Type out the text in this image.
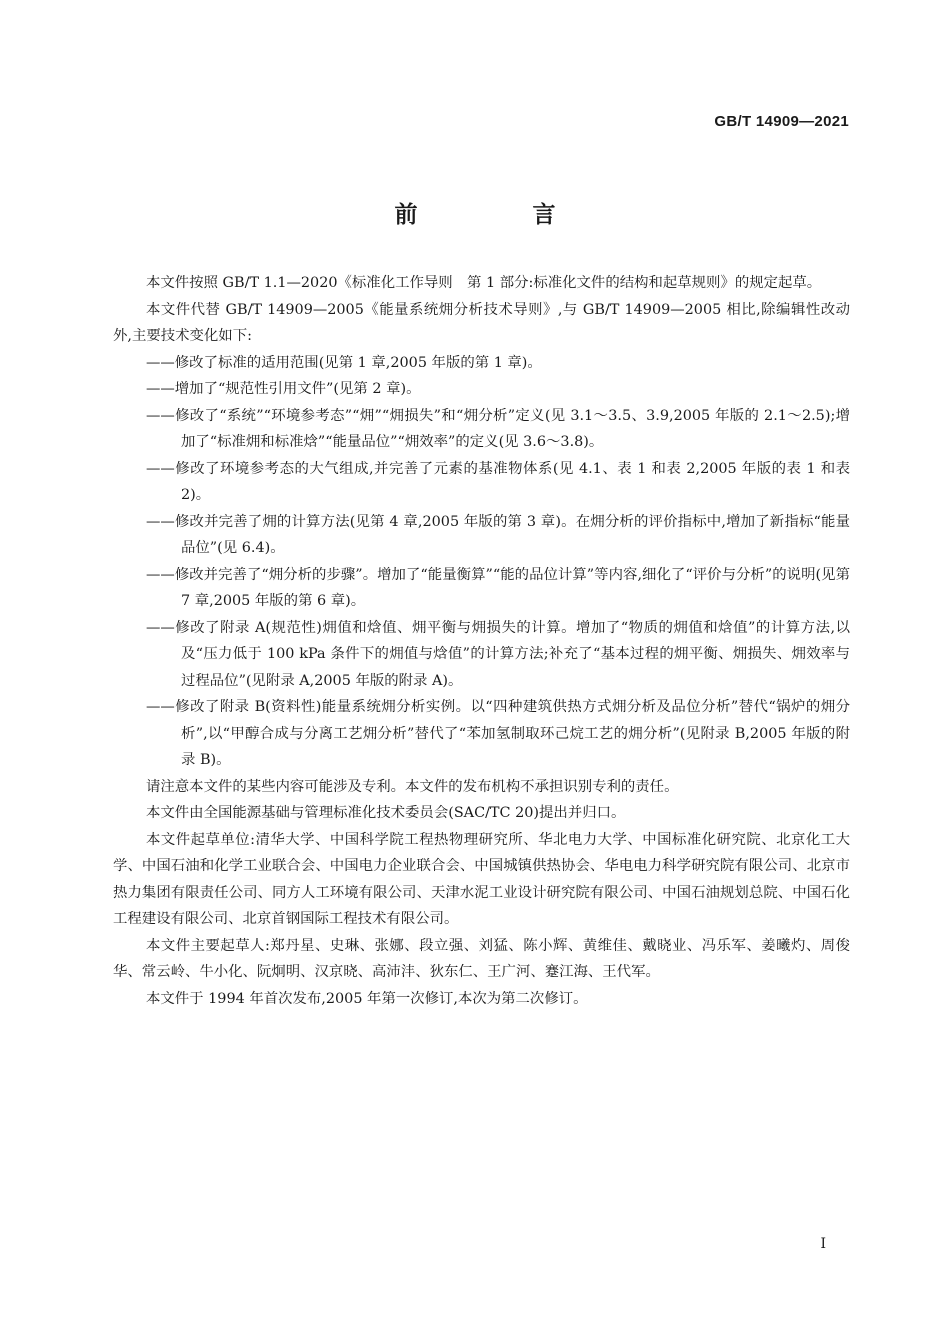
GB/T 14909—2021
前　言

本文件按照 GB/T 1.1—2020《标准化工作导则　第 1 部分:标准化文件的结构和起草规则》的规定起草。

本文件代替 GB/T 14909—2005《能量系统㶲分析技术导则》,与 GB/T 14909—2005 相比,除编辑性改动外,主要技术变化如下:

——修改了标准的适用范围(见第 1 章,2005 年版的第 1 章)。

——增加了“规范性引用文件”(见第 2 章)。

——修改了“系统”“环境参考态”“㶲”“㶲损失”和“㶲分析”定义(见 3.1～3.5、3.9,2005 年版的 2.1～2.5);增加了“标准㶲和标准焓”“能量品位”“㶲效率”的定义(见 3.6～3.8)。

——修改了环境参考态的大气组成,并完善了元素的基准物体系(见 4.1、表 1 和表 2,2005 年版的表 1 和表 2)。

——修改并完善了㶲的计算方法(见第 4 章,2005 年版的第 3 章)。在㶲分析的评价指标中,增加了新指标“能量品位”(见 6.4)。

——修改并完善了“㶲分析的步骤”。增加了“能量衡算”“能的品位计算”等内容,细化了“评价与分析”的说明(见第 7 章,2005 年版的第 6 章)。

——修改了附录 A(规范性)㶲值和焓值、㶲平衡与㶲损失的计算。增加了“物质的㶲值和焓值”的计算方法,以及“压力低于 100 kPa 条件下的㶲值与焓值”的计算方法;补充了“基本过程的㶲平衡、㶲损失、㶲效率与过程品位”(见附录 A,2005 年版的附录 A)。

——修改了附录 B(资料性)能量系统㶲分析实例。以“四种建筑供热方式㶲分析及品位分析”替代“锅炉的㶲分析”,以“甲醇合成与分离工艺㶲分析”替代了“苯加氢制取环己烷工艺的㶲分析”(见附录 B,2005 年版的附录 B)。

请注意本文件的某些内容可能涉及专利。本文件的发布机构不承担识别专利的责任。

本文件由全国能源基础与管理标准化技术委员会(SAC/TC 20)提出并归口。

本文件起草单位:清华大学、中国科学院工程热物理研究所、华北电力大学、中国标准化研究院、北京化工大学、中国石油和化学工业联合会、中国电力企业联合会、中国城镇供热协会、华电电力科学研究院有限公司、北京市热力集团有限责任公司、同方人工环境有限公司、天津水泥工业设计研究院有限公司、中国石油规划总院、中国石化工程建设有限公司、北京首钢国际工程技术有限公司。

本文件主要起草人:郑丹星、史琳、张娜、段立强、刘猛、陈小辉、黄维佳、戴晓业、冯乐军、姜曦灼、周俊华、常云岭、牛小化、阮炯明、汉京晓、高沛沣、狄东仁、王广河、蹇江海、王代军。

本文件于 1994 年首次发布,2005 年第一次修订,本次为第二次修订。

I
